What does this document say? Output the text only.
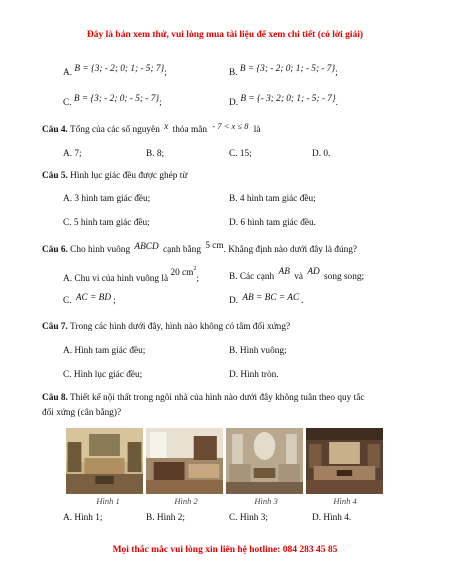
Đây là bản xem thử, vui lòng mua tài liệu để xem chi tiết (có lời giải)
A. B = {3; - 2; 0; 1; - 5; 7};	B. B = {3; - 2; 0; 1; - 5; - 7};
C. B = {3; - 2; 0; - 5; - 7};	D. B = {- 3; 2; 0; 1; - 5; - 7}.
Câu 4. Tổng của các số nguyên x thỏa mãn - 7 < x ≤ 8 là
A. 7;	B. 8;	C. 15;	D. 0.
Câu 5. Hình lục giác đều được ghép từ
A. 3 hình tam giác đều;	B. 4 hình tam giác đều;
C. 5 hình tam giác đều;	D. 6 hình tam giác đều.
Câu 6. Cho hình vuông ABCD cạnh bằng 5 cm. Khẳng định nào dưới đây là đúng?
A. Chu vi của hình vuông là 20 $cm^2$;	B. Các cạnh AB và AD song song;
C. AC = BD ;	D. AB = BC = AC .
Câu 7. Trong các hình dưới đây, hình nào không có tâm đối xứng?
A. Hình tam giác đều;	B. Hình vuông;
C. Hình lục giác đều;	D. Hình tròn.
Câu 8. Thiết kế nội thất trong ngôi nhà của hình nào dưới đây không tuân theo quy tắc
đối xứng (cân bằng)?
Hình 1	Hình 2	Hình 3	Hình 4
A. Hình 1;	B. Hình 2;	C. Hình 3;	D. Hình 4.
Mọi thắc mắc vui lòng xin liên hệ hotline: 084 283 45 85
